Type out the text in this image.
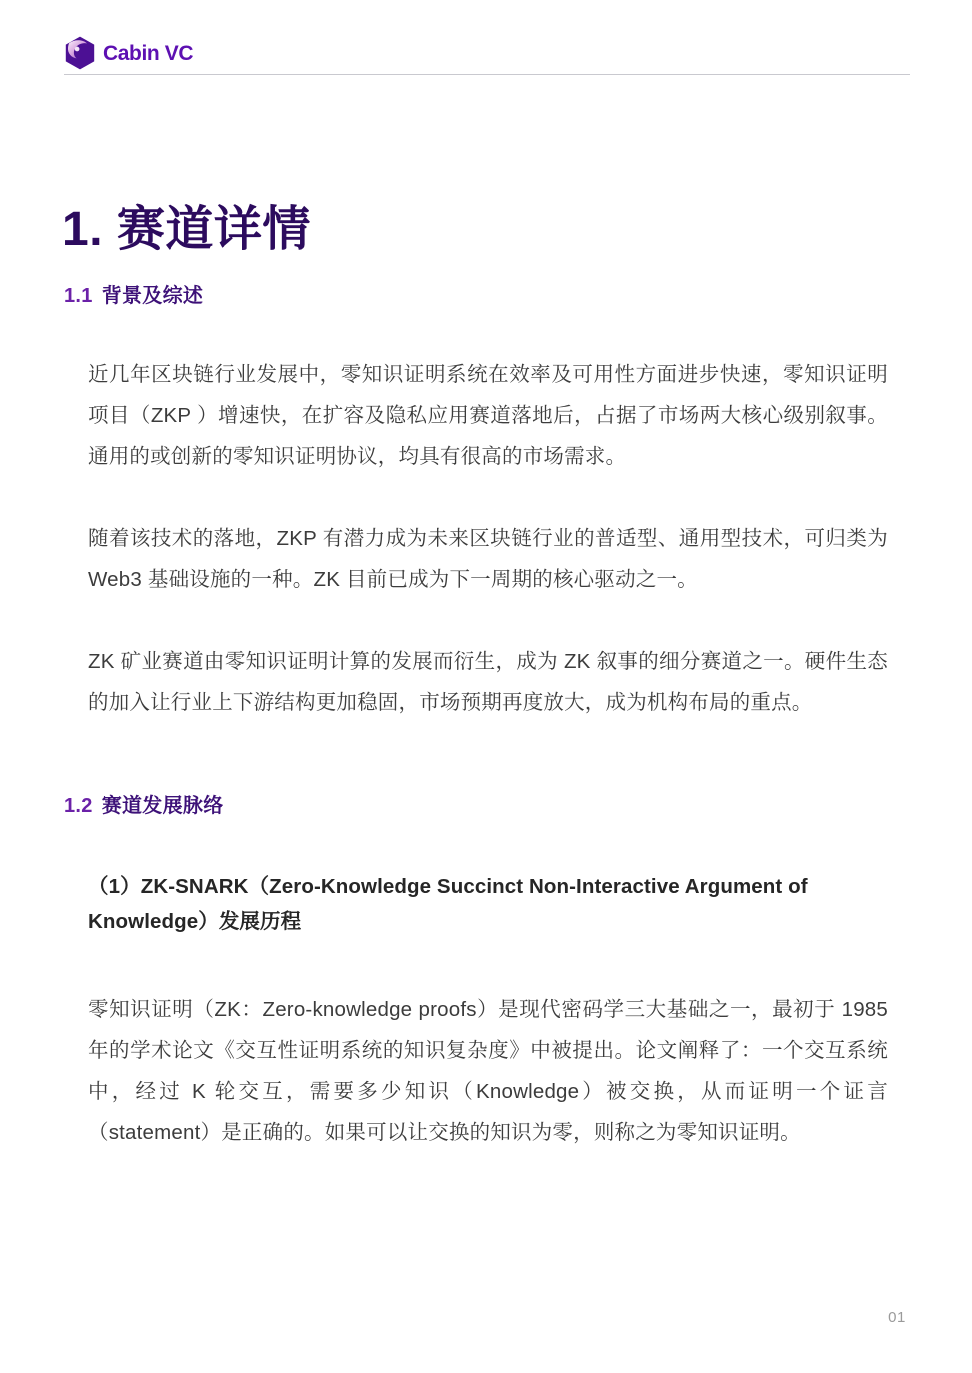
Cabin VC
1. 赛道详情
1.1 背景及综述

近几年区块链行业发展中，零知识证明系统在效率及可用性方面进步快速，零知识证明项目（ZKP ）增速快，在扩容及隐私应用赛道落地后，占据了市场两大核心级别叙事。通用的或创新的零知识证明协议，均具有很高的市场需求。

随着该技术的落地，ZKP 有潜力成为未来区块链行业的普适型、通用型技术，可归类为 Web3 基础设施的一种。ZK 目前已成为下一周期的核心驱动之一。

ZK 矿业赛道由零知识证明计算的发展而衍生，成为 ZK 叙事的细分赛道之一。硬件生态的加入让行业上下游结构更加稳固，市场预期再度放大，成为机构布局的重点。

1.2 赛道发展脉络
（1）ZK-SNARK（Zero-Knowledge Succinct Non-Interactive Argument of Knowledge）发展历程

零知识证明（ZK：Zero-knowledge proofs）是现代密码学三大基础之一，最初于 1985 年的学术论文《交互性证明系统的知识复杂度》中被提出。论文阐释了：一个交互系统中，经过 K 轮交互，需要多少知识（Knowledge）被交换，从而证明一个证言（statement）是正确的。如果可以让交换的知识为零，则称之为零知识证明。

01
